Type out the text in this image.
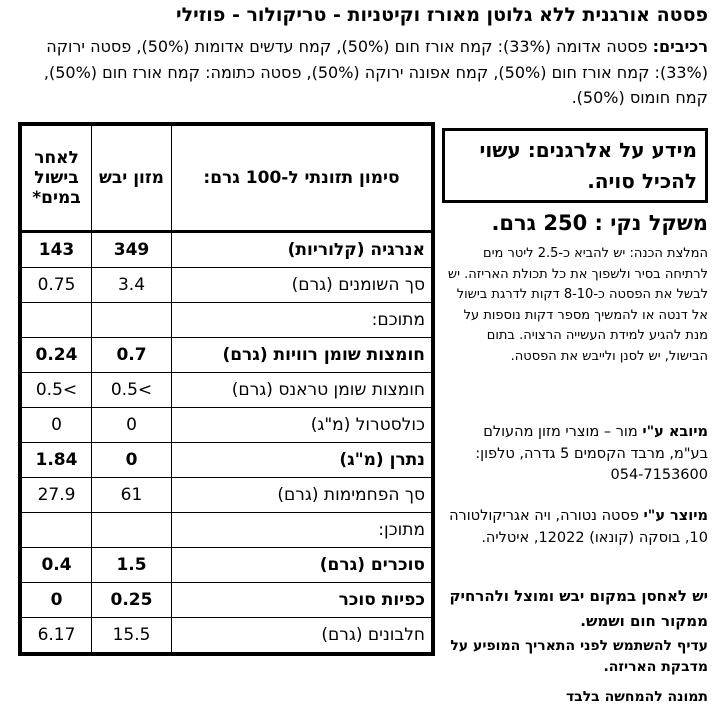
פסטה אורגנית ללא גלוטן מאורז וקיטניות - טריקולור - פוזילי
רכיבים: פסטה אדומה (33%): קמח אורז חום (50%), קמח עדשים אדומות (50%), פסטה ירוקה (33%): קמח אורז חום (50%), קמח אפונה ירוקה (50%), פסטה כתומה: קמח אורז חום (50%), קמח חומוס (50%).
סימון תזונתי ל-100 גרם:	מזון יבש	לאחר בישול במים*
אנרגיה (קלוריות)	349	143
סך השומנים (גרם)	3.4	0.75
מתוכם:		
חומצות שומן רוויות (גרם)	0.7	0.24
חומצות שומן טראנס (גרם)	>0.5	>0.5
כולסטרול (מ"ג)	0	0
נתרן (מ"ג)	0	1.84
סך הפחמימות (גרם)	61	27.9
מתוכן:		
סוכרים (גרם)	1.5	0.4
כפיות סוכר	0.25	0
חלבונים (גרם)	15.5	6.17
מידע על אלרגנים: עשוי להכיל סויה.
משקל נקי : 250 גרם.
המלצת הכנה: יש להביא כ-2.5 ליטר מים לרתיחה בסיר ולשפוך את כל תכולת האריזה. יש לבשל את הפסטה כ-8-10 דקות לדרגת בישול אל דנטה או להמשיך מספר דקות נוספות על מנת להגיע למידת העשייה הרצויה. בתום הבישול, יש לסנן ולייבש את הפסטה.
מיובא ע"י מור – מוצרי מזון מהעולם בע"מ, מרבד הקסמים 5 גדרה, טלפון: 054-7153600
מיוצר ע"י פסטה נטורה, ויה אגריקולטורה 10, בוסקה (קונאו) 12022, איטליה.
יש לאחסן במקום יבש ומוצל ולהרחיק ממקור חום ושמש.
עדיף להשתמש לפני התאריך המופיע על מדבקת האריזה.
תמונה להמחשה בלבד
